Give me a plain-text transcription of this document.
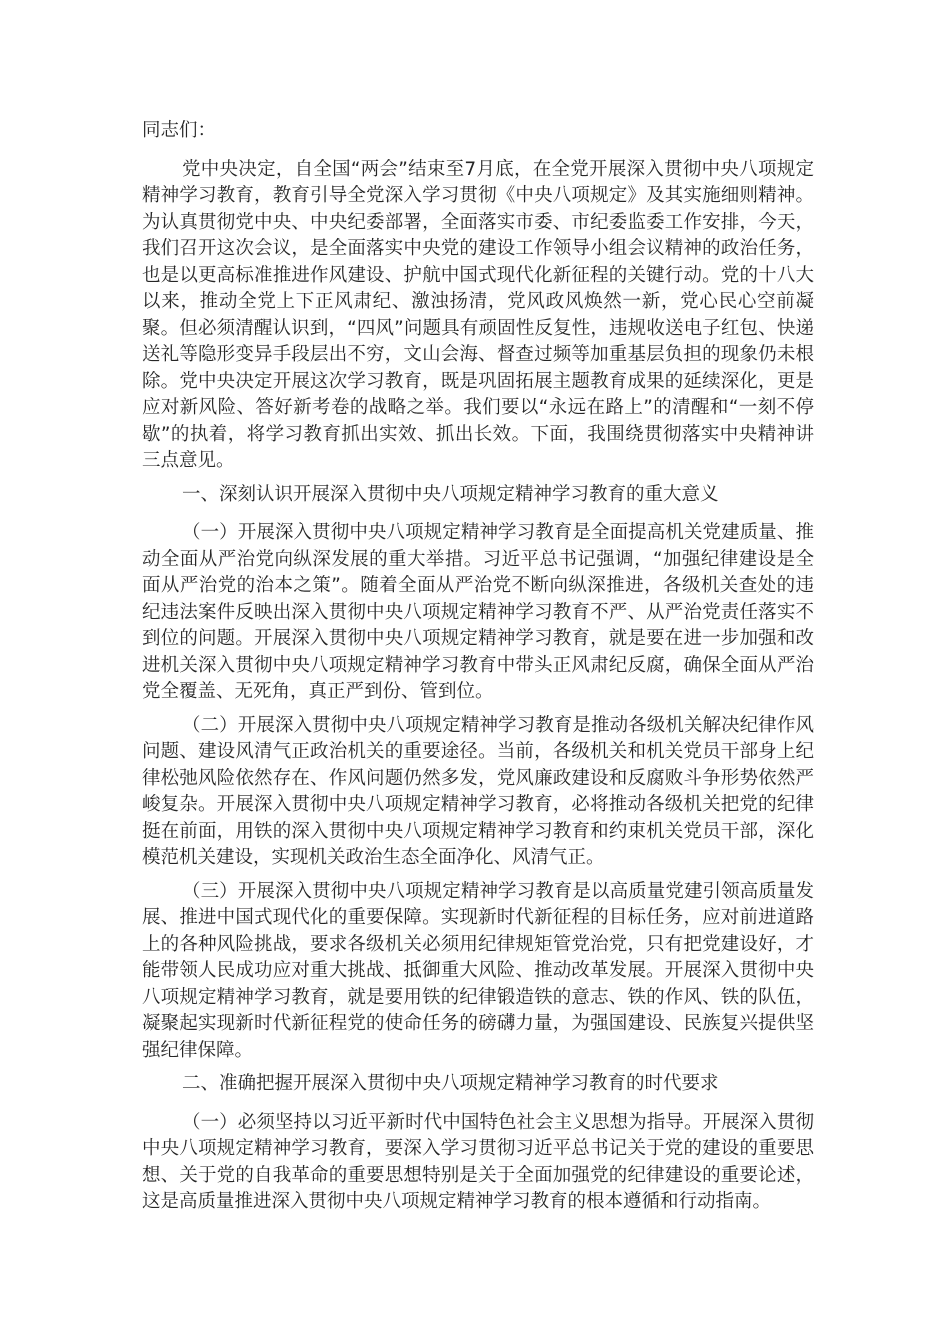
同志们：

党中央决定，自全国“两会”结束至7月底，在全党开展深入贯彻中央八项规定精神学习教育，教育引导全党深入学习贯彻《中央八项规定》及其实施细则精神。为认真贯彻党中央、中央纪委部署，全面落实市委、市纪委监委工作安排，今天，我们召开这次会议，是全面落实中央党的建设工作领导小组会议精神的政治任务，也是以更高标准推进作风建设、护航中国式现代化新征程的关键行动。党的十八大以来，推动全党上下正风肃纪、激浊扬清，党风政风焕然一新，党心民心空前凝聚。但必须清醒认识到，“四风”问题具有顽固性反复性，违规收送电子红包、快递送礼等隐形变异手段层出不穷，文山会海、督查过频等加重基层负担的现象仍未根除。党中央决定开展这次学习教育，既是巩固拓展主题教育成果的延续深化，更是应对新风险、答好新考卷的战略之举。我们要以“永远在路上”的清醒和“一刻不停歇”的执着，将学习教育抓出实效、抓出长效。下面，我围绕贯彻落实中央精神讲三点意见。

一、深刻认识开展深入贯彻中央八项规定精神学习教育的重大意义

（一）开展深入贯彻中央八项规定精神学习教育是全面提高机关党建质量、推动全面从严治党向纵深发展的重大举措。习近平总书记强调，“加强纪律建设是全面从严治党的治本之策”。随着全面从严治党不断向纵深推进，各级机关查处的违纪违法案件反映出深入贯彻中央八项规定精神学习教育不严、从严治党责任落实不到位的问题。开展深入贯彻中央八项规定精神学习教育，就是要在进一步加强和改进机关深入贯彻中央八项规定精神学习教育中带头正风肃纪反腐，确保全面从严治党全覆盖、无死角，真正严到份、管到位。

（二）开展深入贯彻中央八项规定精神学习教育是推动各级机关解决纪律作风问题、建设风清气正政治机关的重要途径。当前，各级机关和机关党员干部身上纪律松弛风险依然存在、作风问题仍然多发，党风廉政建设和反腐败斗争形势依然严峻复杂。开展深入贯彻中央八项规定精神学习教育，必将推动各级机关把党的纪律挺在前面，用铁的深入贯彻中央八项规定精神学习教育和约束机关党员干部，深化模范机关建设，实现机关政治生态全面净化、风清气正。

（三）开展深入贯彻中央八项规定精神学习教育是以高质量党建引领高质量发展、推进中国式现代化的重要保障。实现新时代新征程的目标任务，应对前进道路上的各种风险挑战，要求各级机关必须用纪律规矩管党治党，只有把党建设好，才能带领人民成功应对重大挑战、抵御重大风险、推动改革发展。开展深入贯彻中央八项规定精神学习教育，就是要用铁的纪律锻造铁的意志、铁的作风、铁的队伍，凝聚起实现新时代新征程党的使命任务的磅礴力量，为强国建设、民族复兴提供坚强纪律保障。

二、准确把握开展深入贯彻中央八项规定精神学习教育的时代要求

（一）必须坚持以习近平新时代中国特色社会主义思想为指导。开展深入贯彻中央八项规定精神学习教育，要深入学习贯彻习近平总书记关于党的建设的重要思想、关于党的自我革命的重要思想特别是关于全面加强党的纪律建设的重要论述，这是高质量推进深入贯彻中央八项规定精神学习教育的根本遵循和行动指南。
